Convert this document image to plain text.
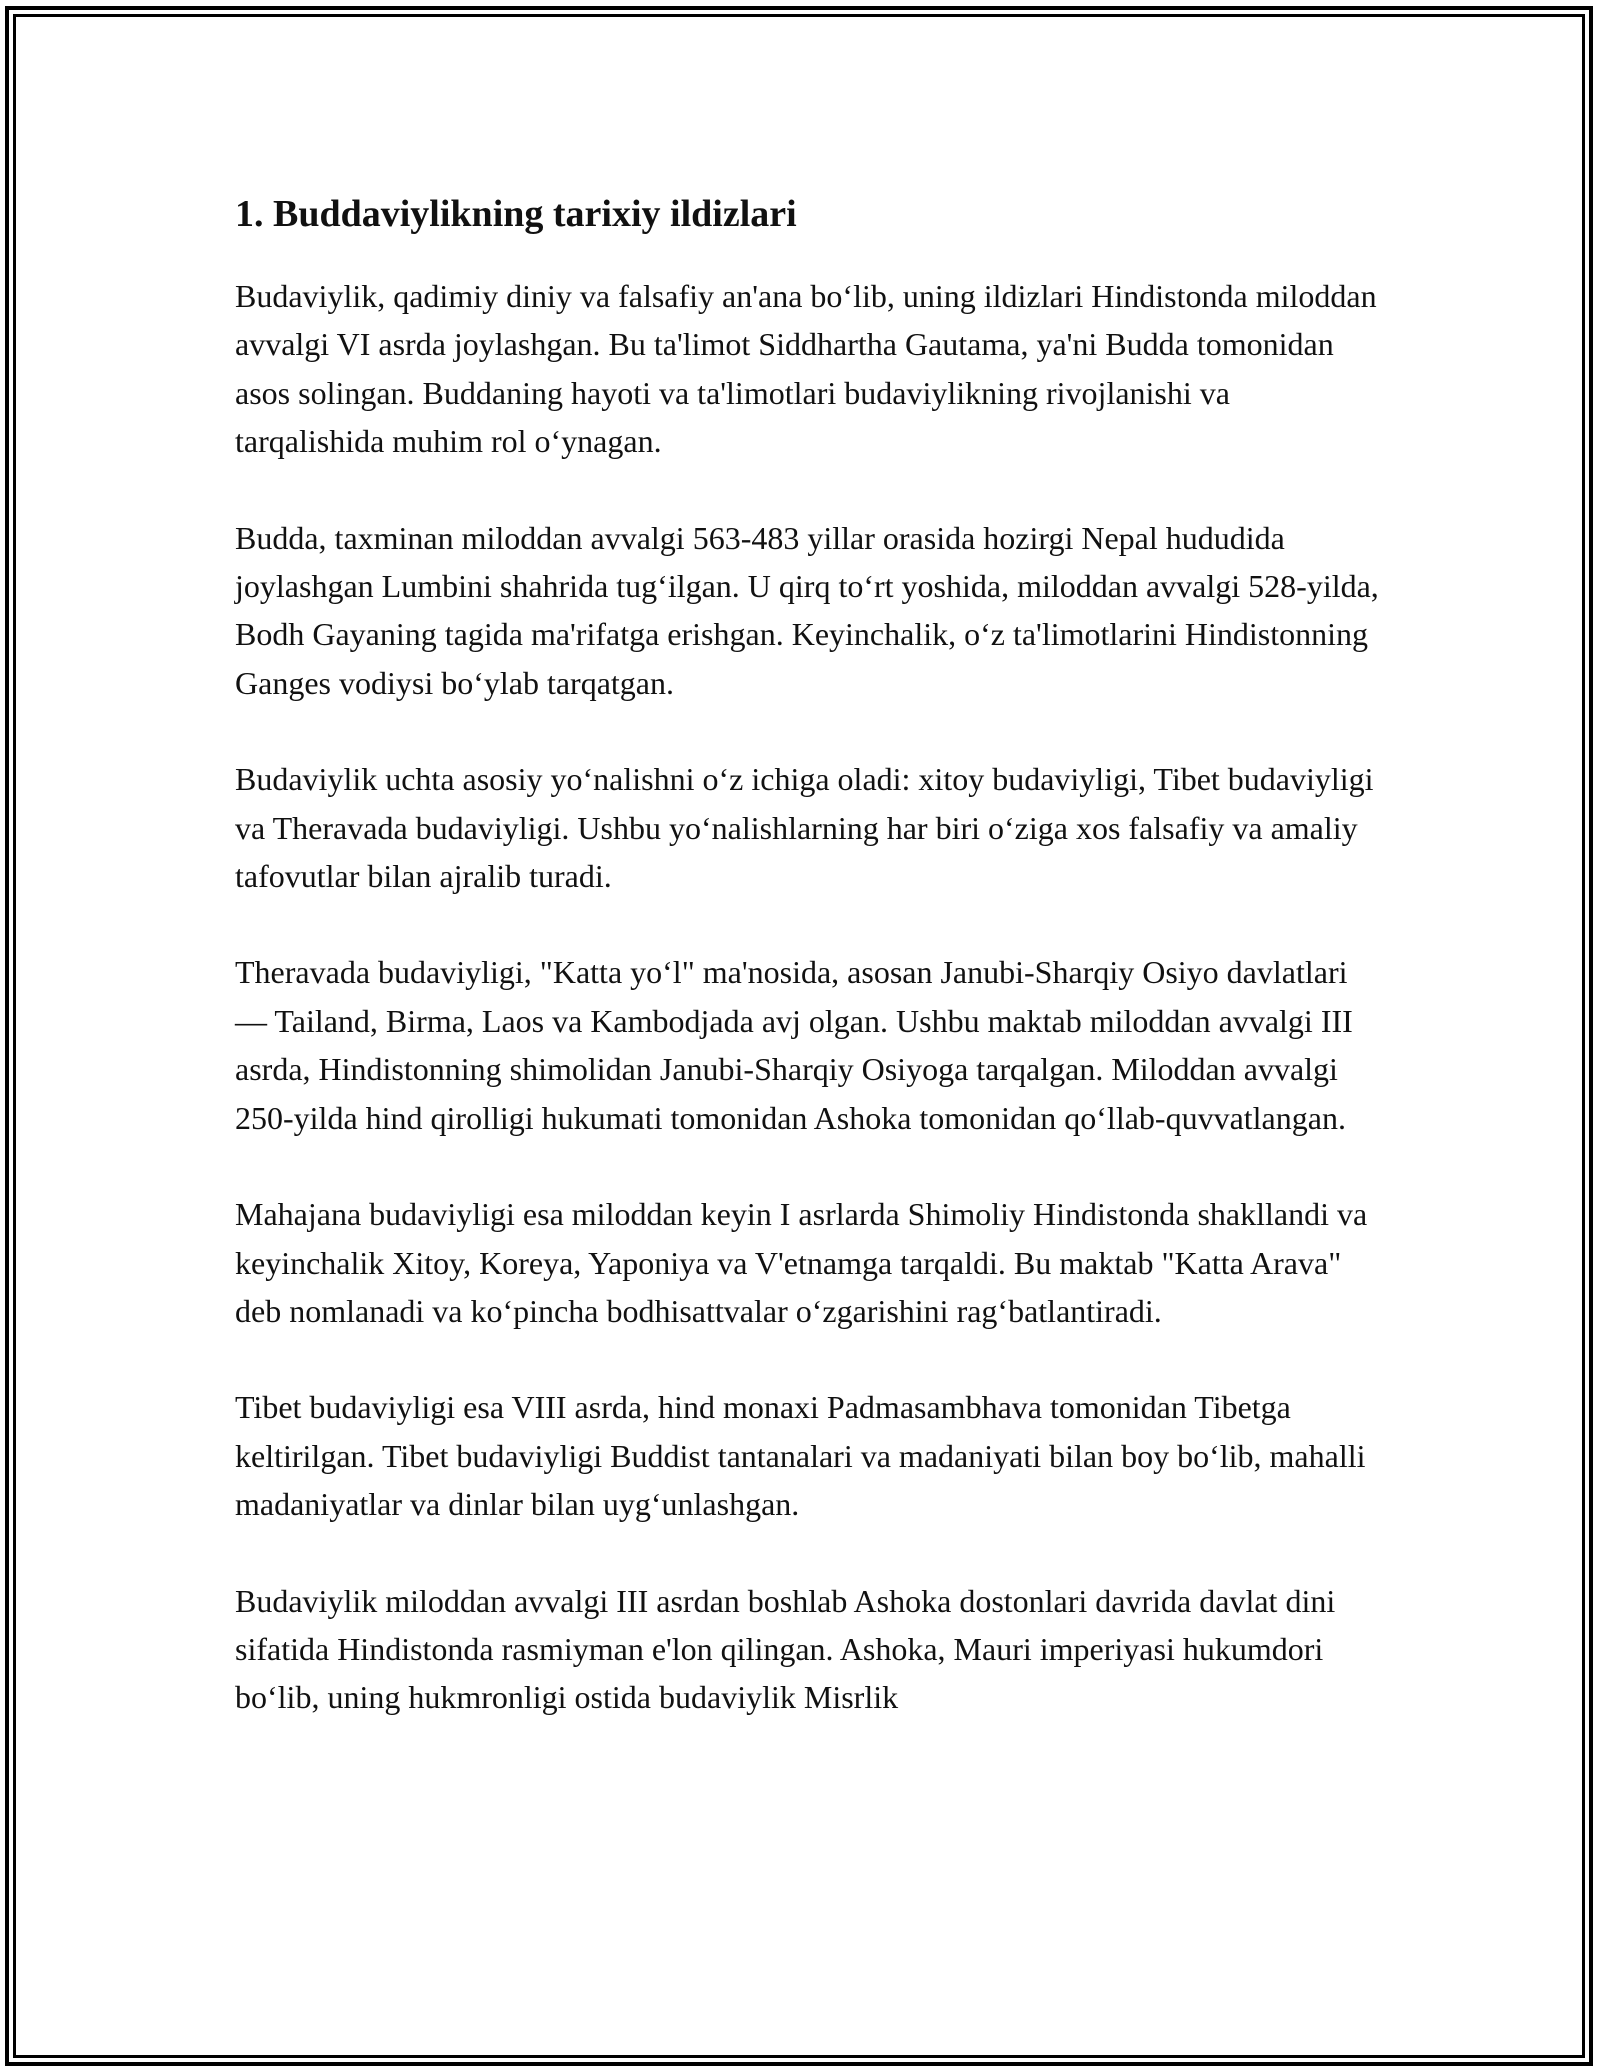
1. Buddaviylikning tarixiy ildizlari

Budaviylik, qadimiy diniy va falsafiy an'ana bo‘lib, uning ildizlari Hindistonda miloddan avvalgi VI asrda joylashgan. Bu ta'limot Siddhartha Gautama, ya'ni Budda tomonidan asos solingan. Buddaning hayoti va ta'limotlari budaviylikning rivojlanishi va tarqalishida muhim rol o‘ynagan.

Budda, taxminan miloddan avvalgi 563-483 yillar orasida hozirgi Nepal hududida joylashgan Lumbini shahrida tug‘ilgan. U qirq to‘rt yoshida, miloddan avvalgi 528-yilda, Bodh Gayaning tagida ma'rifatga erishgan. Keyinchalik, o‘z ta'limotlarini Hindistonning Ganges vodiysi bo‘ylab tarqatgan.

Budaviylik uchta asosiy yo‘nalishni o‘z ichiga oladi: xitoy budaviyligi, Tibet budaviyligi va Theravada budaviyligi. Ushbu yo‘nalishlarning har biri o‘ziga xos falsafiy va amaliy tafovutlar bilan ajralib turadi.

Theravada budaviyligi, "Katta yo‘l" ma'nosida, asosan Janubi-Sharqiy Osiyo davlatlari — Tailand, Birma, Laos va Kambodjada avj olgan. Ushbu maktab miloddan avvalgi III asrda, Hindistonning shimolidan Janubi-Sharqiy Osiyoga tarqalgan. Miloddan avvalgi 250-yilda hind qirolligi hukumati tomonidan Ashoka tomonidan qo‘llab-quvvatlangan.

Mahajana budaviyligi esa miloddan keyin I asrlarda Shimoliy Hindistonda shakllandi va keyinchalik Xitoy, Koreya, Yaponiya va V'etnamga tarqaldi. Bu maktab "Katta Arava" deb nomlanadi va ko‘pincha bodhisattvalar o‘zgarishini rag‘batlantiradi.

Tibet budaviyligi esa VIII asrda, hind monaxi Padmasambhava tomonidan Tibetga keltirilgan. Tibet budaviyligi Buddist tantanalari va madaniyati bilan boy bo‘lib, mahalli madaniyatlar va dinlar bilan uyg‘unlashgan.

Budaviylik miloddan avvalgi III asrdan boshlab Ashoka dostonlari davrida davlat dini sifatida Hindistonda rasmiyman e'lon qilingan. Ashoka, Mauri imperiyasi hukumdori bo‘lib, uning hukmronligi ostida budaviylik Misrlik
